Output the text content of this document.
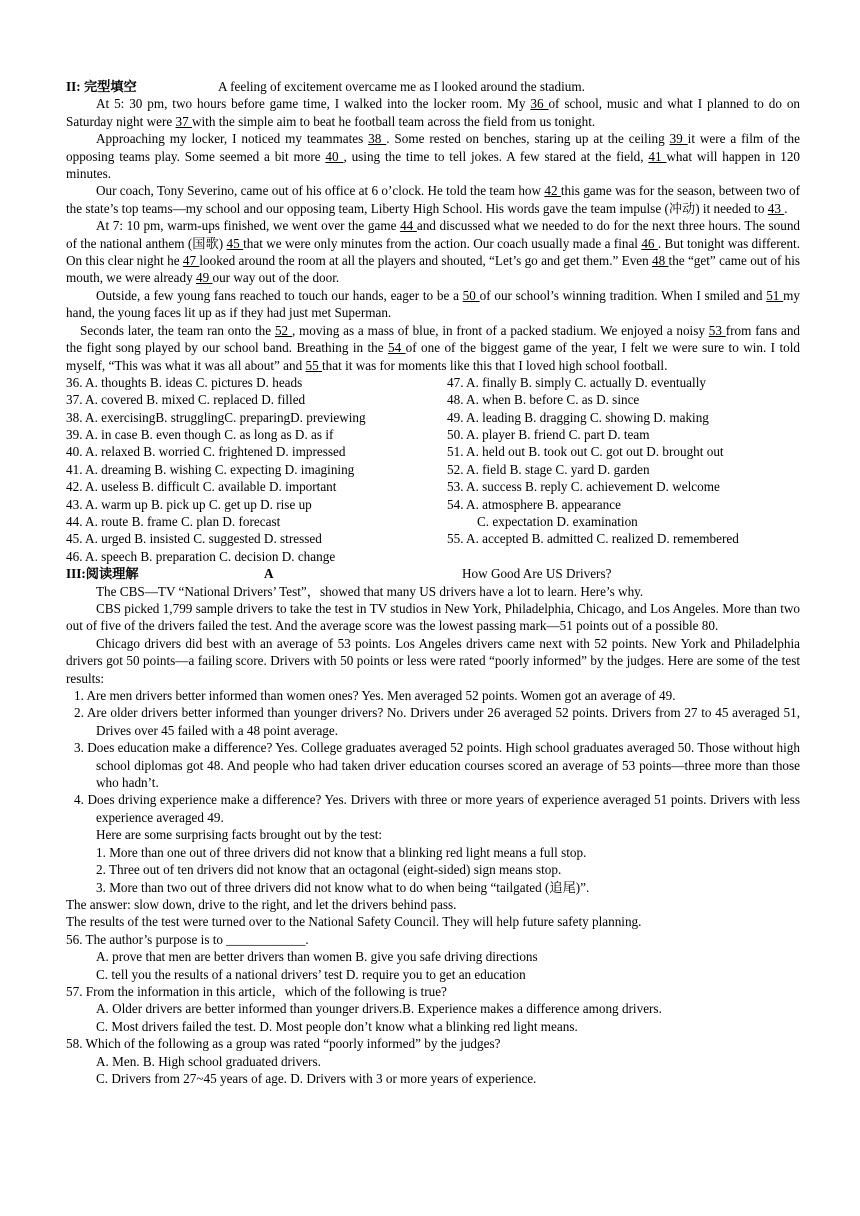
II: 完型填空	A feeling of excitement overcame me as I looked around the stadium.

At 5: 30 pm, two hours before game time, I walked into the locker room. My 36 of school, music and what I planned to do on Saturday night were 37 with the simple aim to beat he football team across the field from us tonight.

Approaching my locker, I noticed my teammates 38 . Some rested on benches, staring up at the ceiling 39 it were a film of the opposing teams play. Some seemed a bit more 40 , using the time to tell jokes. A few stared at the field, 41 what will happen in 120 minutes.

Our coach, Tony Severino, came out of his office at 6 o’clock. He told the team how 42 this game was for the season, between two of the state’s top teams—my school and our opposing team, Liberty High School. His words gave the team impulse (冲动) it needed to 43 .

At 7: 10 pm, warm-ups finished, we went over the game 44 and discussed what we needed to do for the next three hours. The sound of the national anthem (国歌) 45 that we were only minutes from the action. Our coach usually made a final 46 . But tonight was different. On this clear night he 47 looked around the room at all the players and shouted, “Let’s go and get them.” Even 48 the “get” came out of his mouth, we were already 49 our way out of the door.

Outside, a few young fans reached to touch our hands, eager to be a 50 of our school’s winning tradition. When I smiled and 51 my hand, the young faces lit up as if they had just met Superman.

Seconds later, the team ran onto the 52 , moving as a mass of blue, in front of a packed stadium. We enjoyed a noisy 53 from fans and the fight song played by our school band. Breathing in the 54 of one of the biggest game of the year, I felt we were sure to win. I told myself, “This was what it was all about” and 55 that it was for moments like this that I loved high school football.

36. A. thoughts B. ideas C. pictures D. heads
37. A. covered B. mixed C. replaced D. filled
38. A. exercisingB. strugglingC. preparingD. previewing
39. A. in case B. even though C. as long as D. as if
40. A. relaxed B. worried C. frightened D. impressed
41. A. dreaming B. wishing C. expecting D. imagining
42. A. useless B. difficult C. available D. important
43. A. warm up B. pick up C. get up D. rise up
44. A. route B. frame C. plan D. forecast
45. A. urged B. insisted C. suggested D. stressed
46. A. speech B. preparation C. decision D. change
47. A. finally B. simply C. actually D. eventually
48. A. when B. before C. as D. since
49. A. leading B. dragging C. showing D. making
50. A. player B. friend C. part D. team
51. A. held out B. took out C. got out D. brought out
52. A. field B. stage C. yard D. garden
53. A. success B. reply C. achievement D. welcome
54. A. atmosphere B. appearance
C. expectation D. examination
55. A. accepted B. admitted C. realized D. remembered
III:阅读理解	A	How Good Are US Drivers?

The CBS—TV “National Drivers’ Test”，showed that many US drivers have a lot to learn. Here’s why.

CBS picked 1,799 sample drivers to take the test in TV studios in New York, Philadelphia, Chicago, and Los Angeles. More than two out of five of the drivers failed the test. And the average score was the lowest passing mark—51 points out of a possible 80.

Chicago drivers did best with an average of 53 points. Los Angeles drivers came next with 52 points. New York and Philadelphia drivers got 50 points—a failing score. Drivers with 50 points or less were rated “poorly informed” by the judges. Here are some of the test results:

1. Are men drivers better informed than women ones? Yes. Men averaged 52 points. Women got an average of 49.

2. Are older drivers better informed than younger drivers? No. Drivers under 26 averaged 52 points. Drivers from 27 to 45 averaged 51, Drives over 45 failed with a 48 point average.

3. Does education make a difference? Yes. College graduates averaged 52 points. High school graduates averaged 50. Those without high school diplomas got 48. And people who had taken driver education courses scored an average of 53 points—three more than those who hadn’t.

4. Does driving experience make a difference? Yes. Drivers with three or more years of experience averaged 51 points. Drivers with less experience averaged 49.

Here are some surprising facts brought out by the test:

1. More than one out of three drivers did not know that a blinking red light means a full stop.

2. Three out of ten drivers did not know that an octagonal (eight-sided) sign means stop.

3. More than two out of three drivers did not know what to do when being “tailgated (追尾)”.

The answer: slow down, drive to the right, and let the drivers behind pass.

The results of the test were turned over to the National Safety Council. They will help future safety planning.

56. The author’s purpose is to ____________.

A. prove that men are better drivers than women B. give you safe driving directions
C. tell you the results of a national drivers’ test D. require you to get an education

57. From the information in this article，which of the following is true?

A. Older drivers are better informed than younger drivers.B. Experience makes a difference among drivers.
C. Most drivers failed the test. D. Most people don’t know what a blinking red light means.

58. Which of the following as a group was rated “poorly informed” by the judges?

A. Men. B. High school graduated drivers.
C. Drivers from 27~45 years of age. D. Drivers with 3 or more years of experience.
